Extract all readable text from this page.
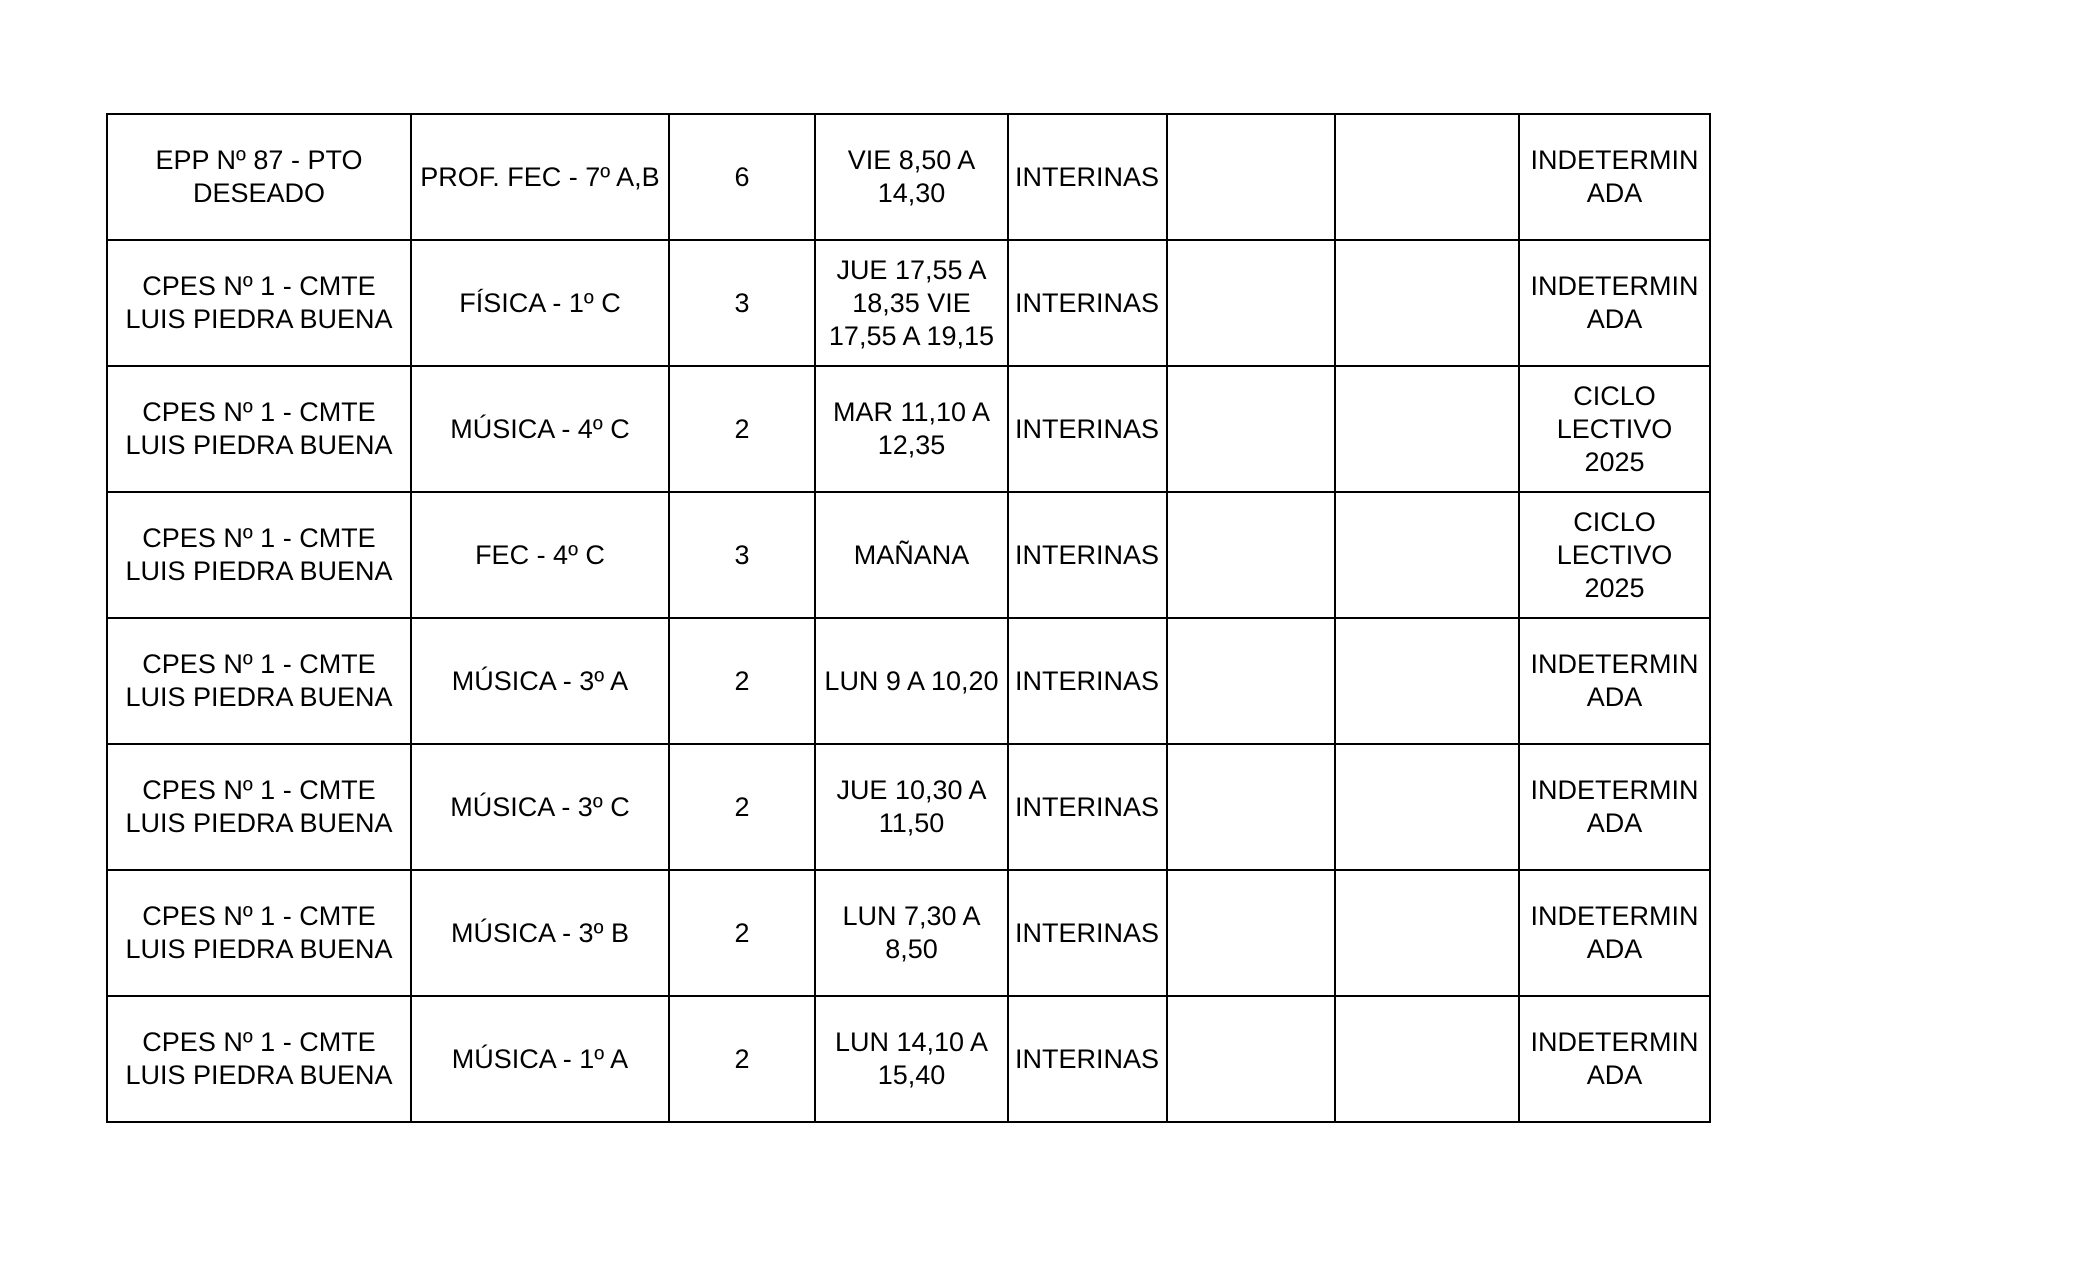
EPP Nº 87 - PTO
DESEADO	PROF. FEC - 7º A,B	6	VIE 8,50 A
14,30	INTERINAS			INDETERMIN
ADA
CPES Nº 1 - CMTE
LUIS PIEDRA BUENA	FÍSICA - 1º C	3	JUE 17,55 A
18,35 VIE
17,55 A 19,15	INTERINAS			INDETERMIN
ADA
CPES Nº 1 - CMTE
LUIS PIEDRA BUENA	MÚSICA - 4º C	2	MAR 11,10 A
12,35	INTERINAS			CICLO
LECTIVO
2025
CPES Nº 1 - CMTE
LUIS PIEDRA BUENA	FEC - 4º C	3	MAÑANA	INTERINAS			CICLO
LECTIVO
2025
CPES Nº 1 - CMTE
LUIS PIEDRA BUENA	MÚSICA - 3º A	2	LUN 9 A 10,20	INTERINAS			INDETERMIN
ADA
CPES Nº 1 - CMTE
LUIS PIEDRA BUENA	MÚSICA - 3º C	2	JUE 10,30 A
11,50	INTERINAS			INDETERMIN
ADA
CPES Nº 1 - CMTE
LUIS PIEDRA BUENA	MÚSICA - 3º B	2	LUN 7,30 A
8,50	INTERINAS			INDETERMIN
ADA
CPES Nº 1 - CMTE
LUIS PIEDRA BUENA	MÚSICA - 1º A	2	LUN 14,10 A
15,40	INTERINAS			INDETERMIN
ADA
